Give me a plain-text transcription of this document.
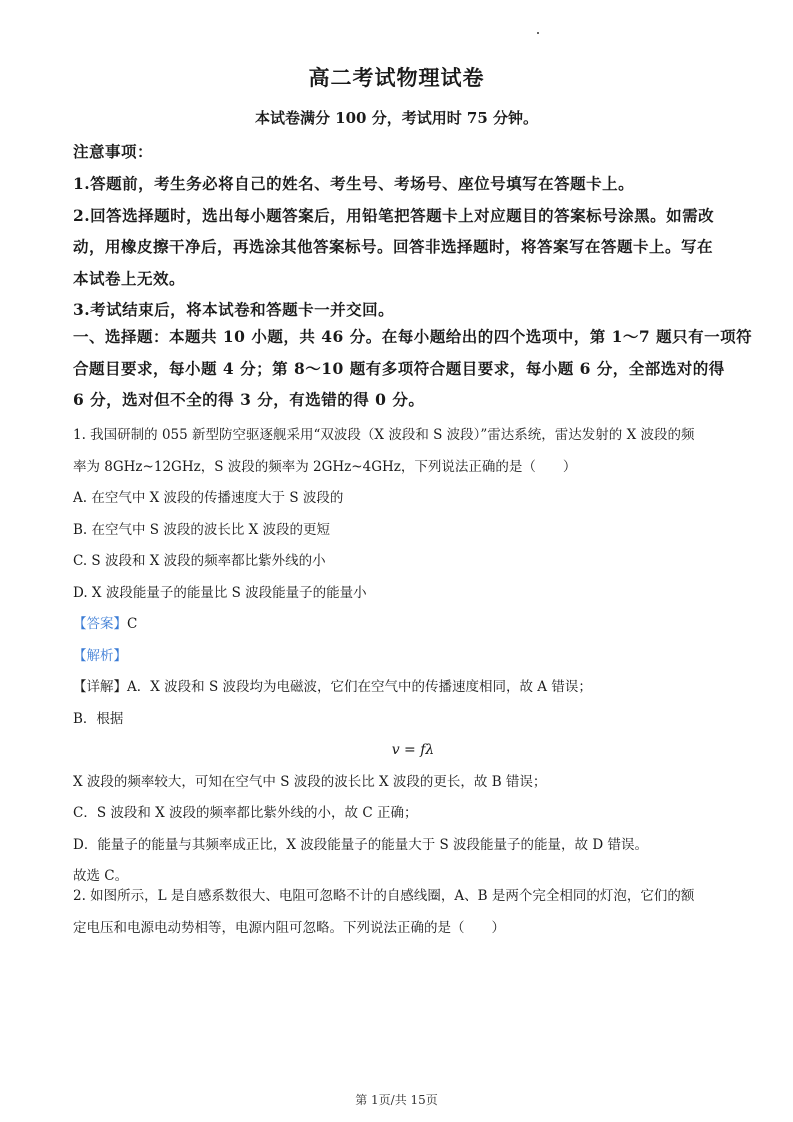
高二考试物理试卷
本试卷满分 100 分，考试用时 75 分钟。
注意事项：
1.答题前，考生务必将自己的姓名、考生号、考场号、座位号填写在答题卡上。
2.回答选择题时，选出每小题答案后，用铅笔把答题卡上对应题目的答案标号涂黑。如需改
动，用橡皮擦干净后，再选涂其他答案标号。回答非选择题时，将答案写在答题卡上。写在
本试卷上无效。
3.考试结束后，将本试卷和答题卡一并交回。
一、选择题：本题共 10 小题，共 46 分。在每小题给出的四个选项中，第 1～7 题只有一项符
合题目要求，每小题 4 分；第 8～10 题有多项符合题目要求，每小题 6 分，全部选对的得
6 分，选对但不全的得 3 分，有选错的得 0 分。
1. 我国研制的 055 新型防空驱逐舰采用“双波段（X 波段和 S 波段）”雷达系统，雷达发射的 X 波段的频
率为 8GHz~12GHz，S 波段的频率为 2GHz~4GHz，下列说法正确的是（　　）
A. 在空气中 X 波段的传播速度大于 S 波段的
B. 在空气中 S 波段的波长比 X 波段的更短
C. S 波段和 X 波段的频率都比紫外线的小
D. X 波段能量子的能量比 S 波段能量子的能量小
【答案】C
【解析】
【详解】A．X 波段和 S 波段均为电磁波，它们在空气中的传播速度相同，故 A 错误；
B．根据
v = fλ
X 波段的频率较大，可知在空气中 S 波段的波长比 X 波段的更长，故 B 错误；
C．S 波段和 X 波段的频率都比紫外线的小，故 C 正确；
D．能量子的能量与其频率成正比，X 波段能量子的能量大于 S 波段能量子的能量，故 D 错误。
故选 C。
2. 如图所示，L 是自感系数很大、电阻可忽略不计的自感线圈，A、B 是两个完全相同的灯泡，它们的额
定电压和电源电动势相等，电源内阻可忽略。下列说法正确的是（　　）
第 1页/共 15页
